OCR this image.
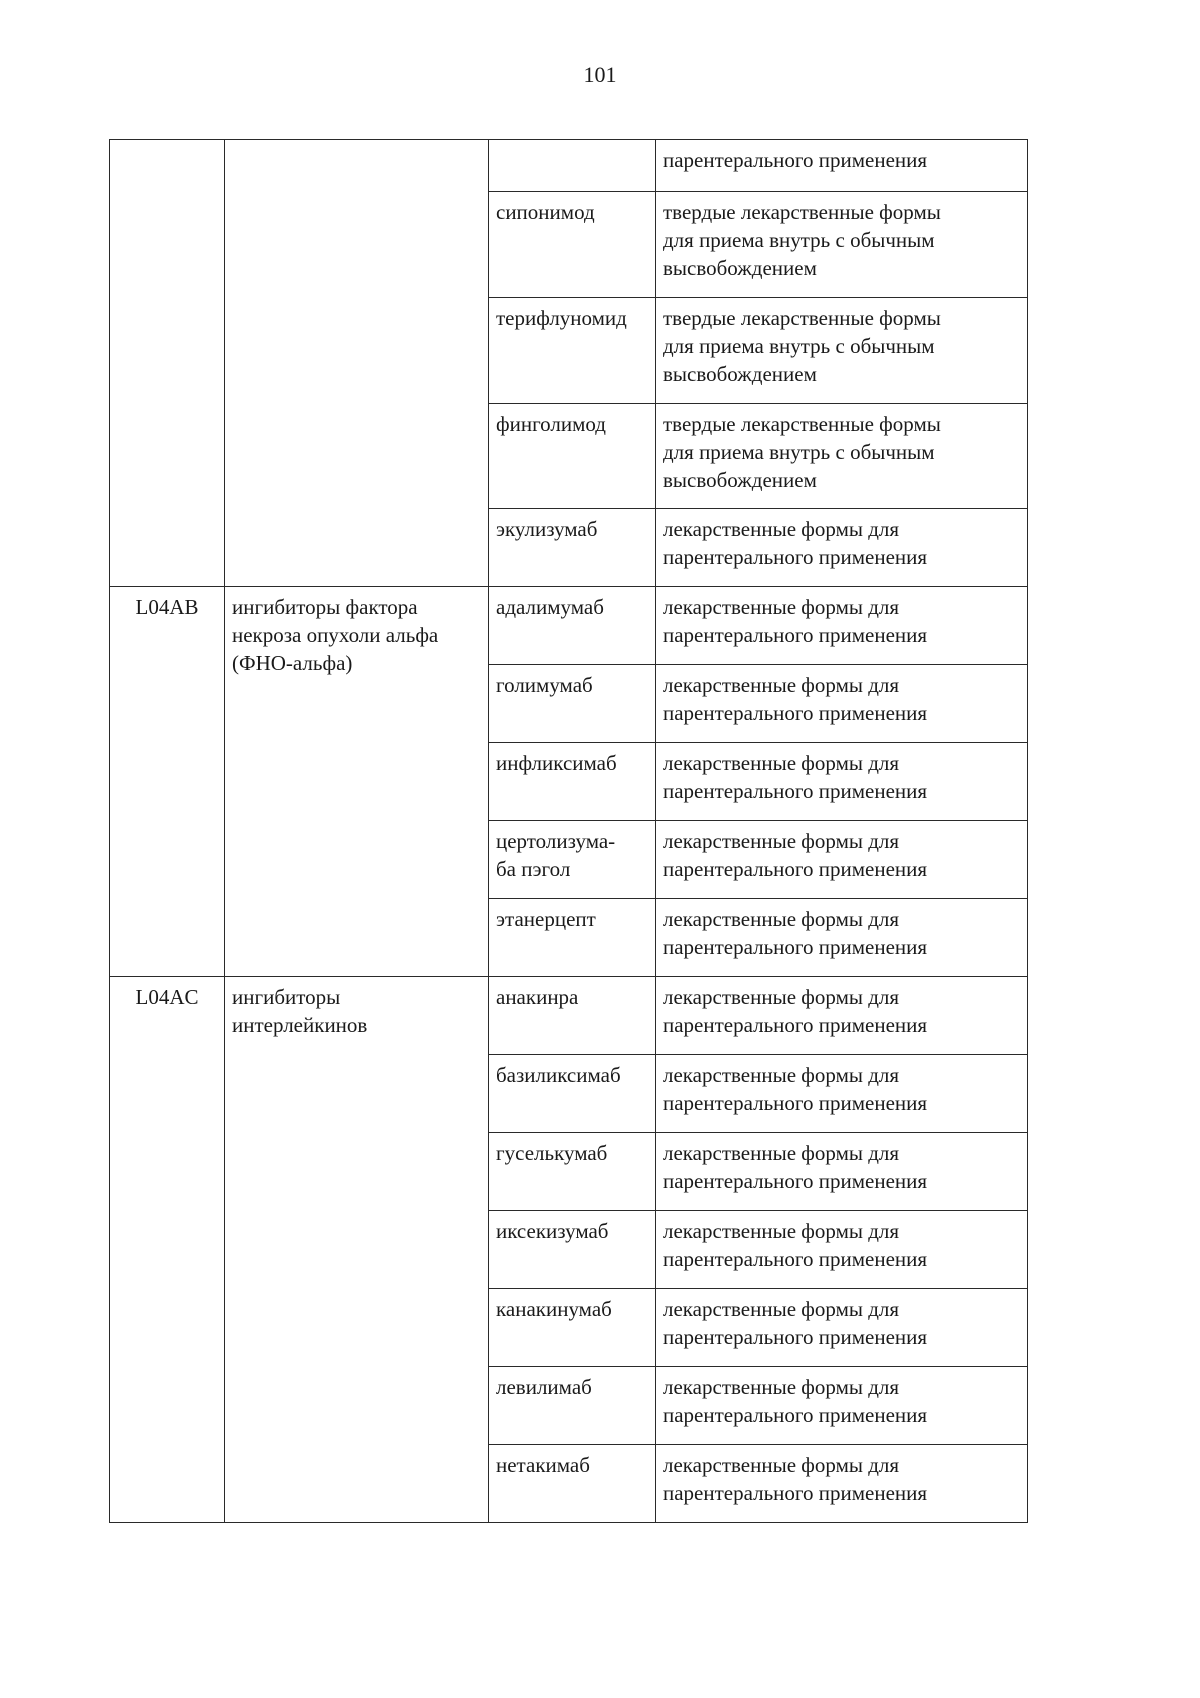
101

			парентерального применения

		сипонимод	твердые лекарственные формы
для приема внутрь с обычным
высвобождением

		терифлуномид	твердые лекарственные формы
для приема внутрь с обычным
высвобождением

		финголимод	твердые лекарственные формы
для приема внутрь с обычным
высвобождением

		экулизумаб	лекарственные формы для
парентерального применения

L04AB	ингибиторы фактора
некроза опухоли альфа
(ФНО-альфа)	адалимумаб	лекарственные формы для
парентерального применения

		голимумаб	лекарственные формы для
парентерального применения

		инфликсимаб	лекарственные формы для
парентерального применения

		цертолизума-
ба пэгол	лекарственные формы для
парентерального применения

		этанерцепт	лекарственные формы для
парентерального применения

L04AC	ингибиторы
интерлейкинов	анакинра	лекарственные формы для
парентерального применения

		базиликсимаб	лекарственные формы для
парентерального применения

		гуселькумаб	лекарственные формы для
парентерального применения

		иксекизумаб	лекарственные формы для
парентерального применения

		канакинумаб	лекарственные формы для
парентерального применения

		левилимаб	лекарственные формы для
парентерального применения

		нетакимаб	лекарственные формы для
парентерального применения
